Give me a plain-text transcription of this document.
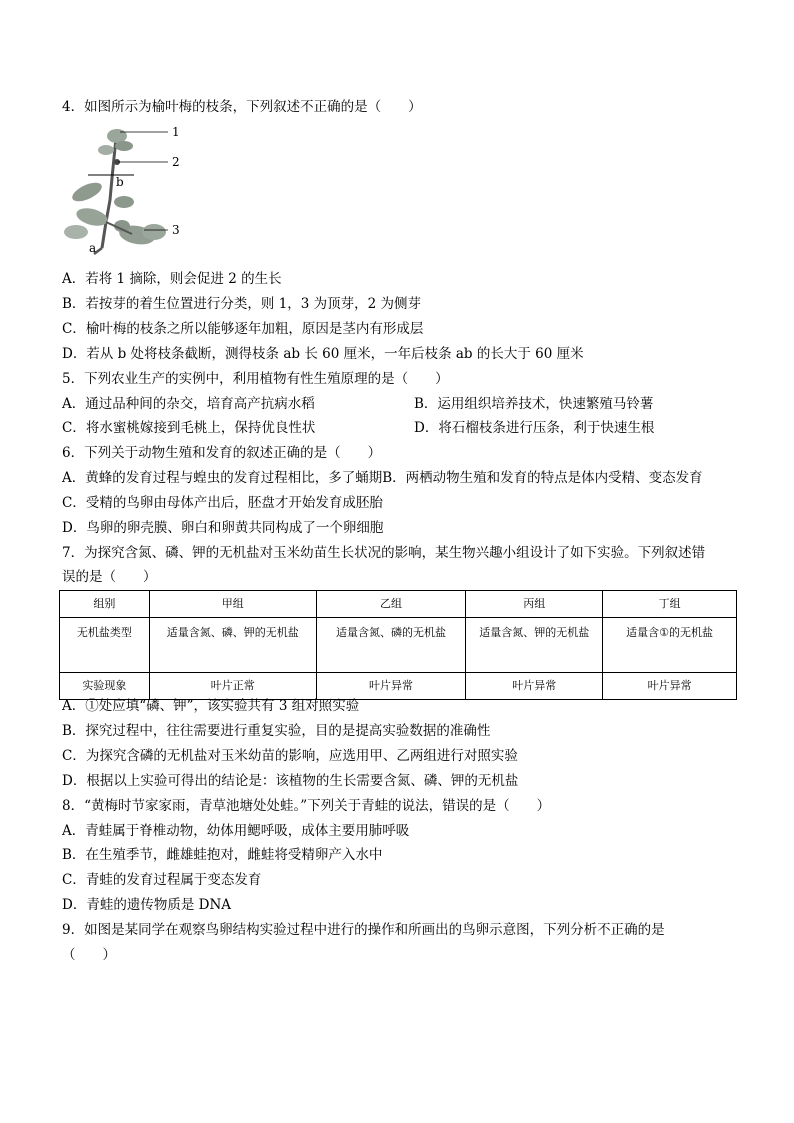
4．如图所示为榆叶梅的枝条，下列叙述不正确的是（　　）
1
2
3
a
b
A．若将 1 摘除，则会促进 2 的生长
B．若按芽的着生位置进行分类，则 1，3 为顶芽，2 为侧芽
C．榆叶梅的枝条之所以能够逐年加粗，原因是茎内有形成层
D．若从 b 处将枝条截断，测得枝条 ab 长 60 厘米，一年后枝条 ab 的长大于 60 厘米
5．下列农业生产的实例中，利用植物有性生殖原理的是（　　）
A．通过品种间的杂交，培育高产抗病水稻	B．运用组织培养技术，快速繁殖马铃薯
C．将水蜜桃嫁接到毛桃上，保持优良性状	D．将石榴枝条进行压条，利于快速生根
6．下列关于动物生殖和发育的叙述正确的是（　　）
A．黄蜂的发育过程与蝗虫的发育过程相比，多了蛹期B．两栖动物生殖和发育的特点是体内受精、变态发育
C．受精的鸟卵由母体产出后，胚盘才开始发育成胚胎
D．鸟卵的卵壳膜、卵白和卵黄共同构成了一个卵细胞
7．为探究含氮、磷、钾的无机盐对玉米幼苗生长状况的影响，某生物兴趣小组设计了如下实验。下列叙述错
误的是（　　）
组别	甲组	乙组	丙组	丁组
无机盐类型	适量含氮、磷、钾的无机盐	适量含氮、磷的无机盐	适量含氮、钾的无机盐	适量含①的无机盐
实验现象	叶片正常	叶片异常	叶片异常	叶片异常
A．①处应填“磷、钾”，该实验共有 3 组对照实验
B．探究过程中，往往需要进行重复实验，目的是提高实验数据的准确性
C．为探究含磷的无机盐对玉米幼苗的影响，应选用甲、乙两组进行对照实验
D．根据以上实验可得出的结论是：该植物的生长需要含氮、磷、钾的无机盐
8．“黄梅时节家家雨，青草池塘处处蛙。”下列关于青蛙的说法，错误的是（　　）
A．青蛙属于脊椎动物，幼体用鳃呼吸，成体主要用肺呼吸
B．在生殖季节，雌雄蛙抱对，雌蛙将受精卵产入水中
C．青蛙的发育过程属于变态发育
D．青蛙的遗传物质是 DNA
9．如图是某同学在观察鸟卵结构实验过程中进行的操作和所画出的鸟卵示意图，下列分析不正确的是
（　　）
